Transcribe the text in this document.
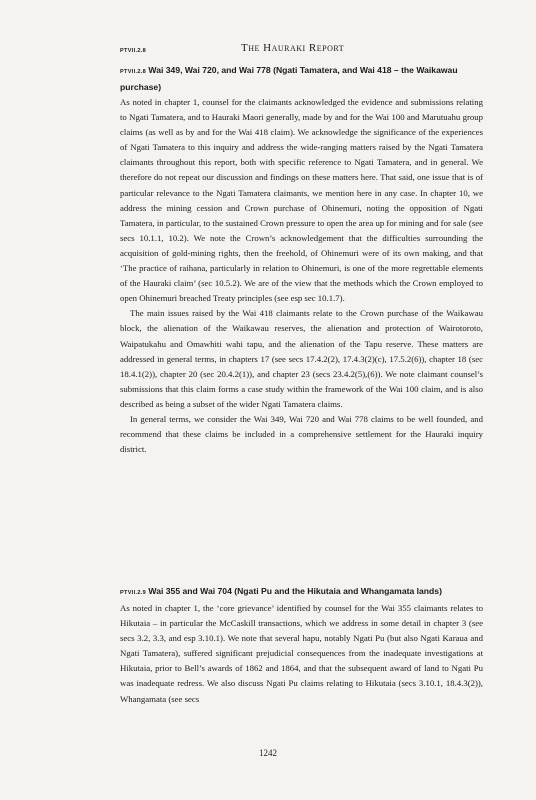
PTVII.2.8	The Hauraki Report
PTVII.2.8 Wai 349, Wai 720, and Wai 778 (Ngati Tamatera, and Wai 418 – the Waikawau purchase)

As noted in chapter 1, counsel for the claimants acknowledged the evidence and submissions relating to Ngati Tamatera, and to Hauraki Maori generally, made by and for the Wai 100 and Marutuahu group claims (as well as by and for the Wai 418 claim). We acknowledge the significance of the experiences of Ngati Tamatera to this inquiry and address the wide-ranging matters raised by the Ngati Tamatera claimants throughout this report, both with specific reference to Ngati Tamatera, and in general. We therefore do not repeat our discussion and findings on these matters here. That said, one issue that is of particular relevance to the Ngati Tamatera claimants, we mention here in any case. In chapter 10, we address the mining cession and Crown purchase of Ohinemuri, noting the opposition of Ngati Tamatera, in particular, to the sustained Crown pressure to open the area up for mining and for sale (see secs 10.1.1, 10.2). We note the Crown’s acknowledgement that the difficulties surrounding the acquisition of gold-mining rights, then the freehold, of Ohinemuri were of its own making, and that ‘The practice of raihana, particularly in relation to Ohinemuri, is one of the more regrettable elements of the Hauraki claim’ (sec 10.5.2). We are of the view that the methods which the Crown employed to open Ohinemuri breached Treaty principles (see esp sec 10.1.7).

The main issues raised by the Wai 418 claimants relate to the Crown purchase of the Waikawau block, the alienation of the Waikawau reserves, the alienation and protection of Wairotoroto, Waipatukahu and Omawhiti wahi tapu, and the alienation of the Tapu reserve. These matters are addressed in general terms, in chapters 17 (see secs 17.4.2(2), 17.4.3(2)(c), 17.5.2(6)), chapter 18 (sec 18.4.1(2)), chapter 20 (sec 20.4.2(1)), and chapter 23 (secs 23.4.2(5),(6)). We note claimant counsel’s submissions that this claim forms a case study within the framework of the Wai 100 claim, and is also described as being a subset of the wider Ngati Tamatera claims.

In general terms, we consider the Wai 349, Wai 720 and Wai 778 claims to be well founded, and recommend that these claims be included in a comprehensive settlement for the Hauraki inquiry district.

PTVII.2.9 Wai 355 and Wai 704 (Ngati Pu and the Hikutaia and Whangamata lands)

As noted in chapter 1, the ‘core grievance’ identified by counsel for the Wai 355 claimants relates to Hikutaia – in particular the McCaskill transactions, which we address in some detail in chapter 3 (see secs 3.2, 3.3, and esp 3.10.1). We note that several hapu, notably Ngati Pu (but also Ngati Karaua and Ngati Tamatera), suffered significant prejudicial consequences from the inadequate investigations at Hikutaia, prior to Bell’s awards of 1862 and 1864, and that the subsequent award of land to Ngati Pu was inadequate redress. We also discuss Ngati Pu claims relating to Hikutaia (secs 3.10.1, 18.4.3(2)), Whangamata (see secs

1242
